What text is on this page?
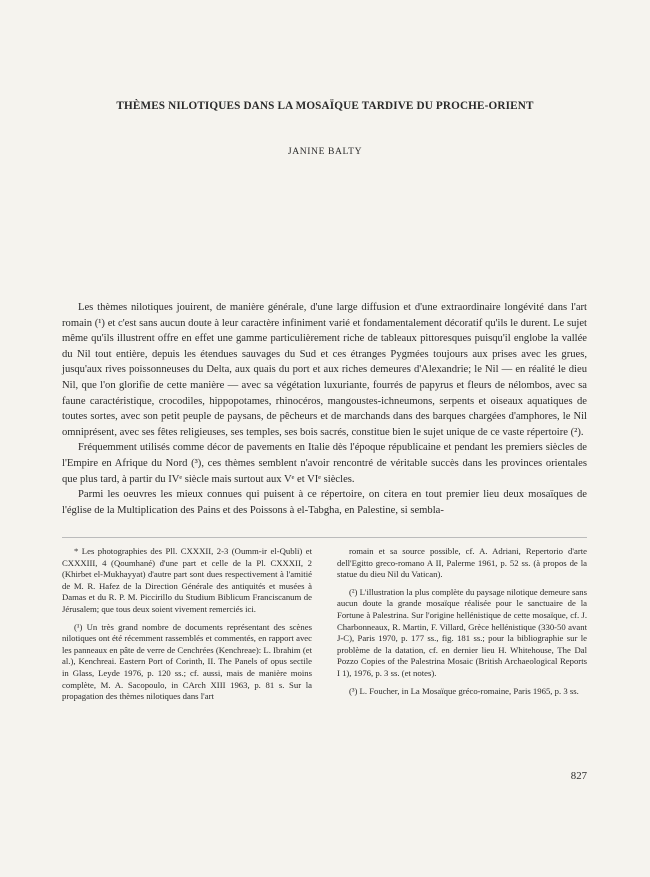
THÈMES NILOTIQUES DANS LA MOSAÏQUE TARDIVE DU PROCHE-ORIENT
JANINE BALTY

Les thèmes nilotiques jouirent, de manière générale, d'une large diffusion et d'une extraordinaire longévité dans l'art romain (¹) et c'est sans aucun doute à leur caractère infiniment varié et fondamentalement décoratif qu'ils le durent. Le sujet même qu'ils illustrent offre en effet une gamme particulièrement riche de tableaux pittoresques puisqu'il englobe la vallée du Nil tout entière, depuis les étendues sauvages du Sud et ces étranges Pygmées toujours aux prises avec les grues, jusqu'aux rives poissonneuses du Delta, aux quais du port et aux riches demeures d'Alexandrie; le Nil — en réalité le dieu Nil, que l'on glorifie de cette manière — avec sa végétation luxuriante, fourrés de papyrus et fleurs de nélombos, avec sa faune caractéristique, crocodiles, hippopotames, rhinocéros, mangoustes-ichneumons, serpents et oiseaux aquatiques de toutes sortes, avec son petit peuple de paysans, de pêcheurs et de marchands dans des barques chargées d'amphores, le Nil omniprésent, avec ses fêtes religieuses, ses temples, ses bois sacrés, constitue bien le sujet unique de ce vaste répertoire (²).

Fréquemment utilisés comme décor de pavements en Italie dès l'époque républicaine et pendant les premiers siècles de l'Empire en Afrique du Nord (³), ces thèmes semblent n'avoir rencontré de véritable succès dans les provinces orientales que plus tard, à partir du IVᵉ siècle mais surtout aux Vᵉ et VIᵉ siècles.

Parmi les oeuvres les mieux connues qui puisent à ce répertoire, on citera en tout premier lieu deux mosaïques de l'église de la Multiplication des Pains et des Poissons à el-Tabgha, en Palestine, si sembla-

* Les photographies des Pll. CXXXII, 2-3 (Oumm-ir el-Qubli) et CXXXIII, 4 (Qoumhané) d'une part et celle de la Pl. CXXXII, 2 (Khirbet el-Mukhayyat) d'autre part sont dues respectivement à l'amitié de M. R. Hafez de la Direction Générale des antiquités et musées à Damas et du R. P. M. Piccirillo du Studium Biblicum Franciscanum de Jérusalem; que tous deux soient vivement remerciés ici.

(¹) Un très grand nombre de documents représentant des scènes nilotiques ont été récemment rassemblés et commentés, en rapport avec les panneaux en pâte de verre de Cenchrées (Kenchreae): L. Ibrahim (et al.), Kenchreai. Eastern Port of Corinth, II. The Panels of opus sectile in Glass, Leyde 1976, p. 120 ss.; cf. aussi, mais de manière moins complète, M. A. Sacopoulo, in CArch XIII 1963, p. 81 s. Sur la propagation des thèmes nilotiques dans l'art

romain et sa source possible, cf. A. Adriani, Repertorio d'arte dell'Egitto greco-romano A II, Palerme 1961, p. 52 ss. (à propos de la statue du dieu Nil du Vatican).

(²) L'illustration la plus complète du paysage nilotique demeure sans aucun doute la grande mosaïque réalisée pour le sanctuaire de la Fortune à Palestrina. Sur l'origine hellénistique de cette mosaïque, cf. J. Charbonneaux, R. Martin, F. Villard, Grèce hellénistique (330-50 avant J-C), Paris 1970, p. 177 ss., fig. 181 ss.; pour la bibliographie sur le problème de la datation, cf. en dernier lieu H. Whitehouse, The Dal Pozzo Copies of the Palestrina Mosaic (British Archaeological Reports I 1), 1976, p. 3 ss. (et notes).

(³) L. Foucher, in La Mosaïque gréco-romaine, Paris 1965, p. 3 ss.

827
